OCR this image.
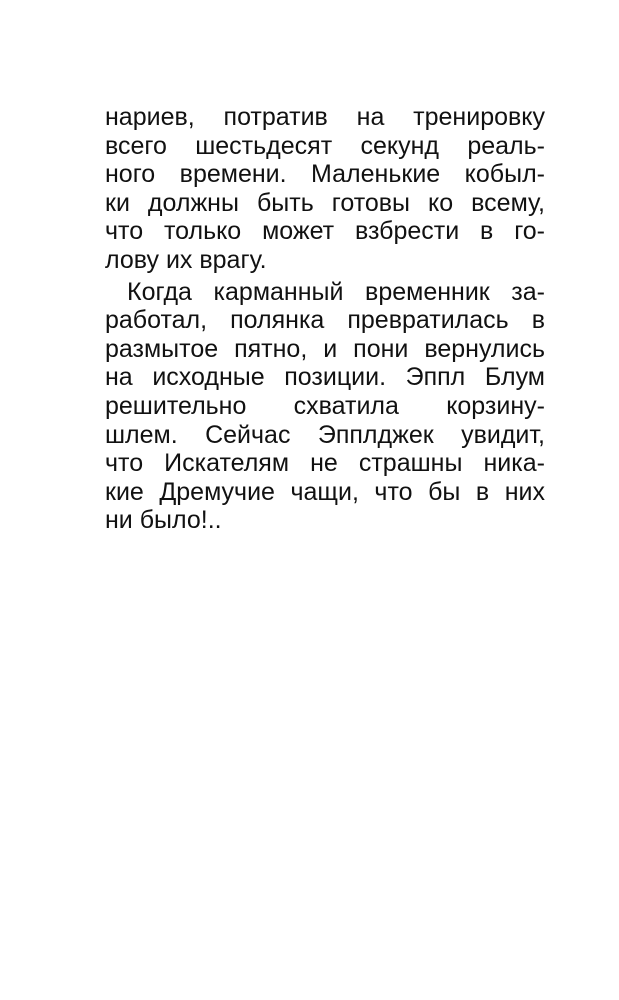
нариев, потратив на тренировку
всего шестьдесят секунд реаль-
ного времени. Маленькие кобыл-
ки должны быть готовы ко всему,
что только может взбрести в го-
лову их врагу.
Когда карманный временник за-
работал, полянка превратилась в
размытое пятно, и пони вернулись
на исходные позиции. Эппл Блум
решительно схватила корзину-
шлем. Сейчас Эпплджек увидит,
что Искателям не страшны ника-
кие Дремучие чащи, что бы в них
ни было!..
